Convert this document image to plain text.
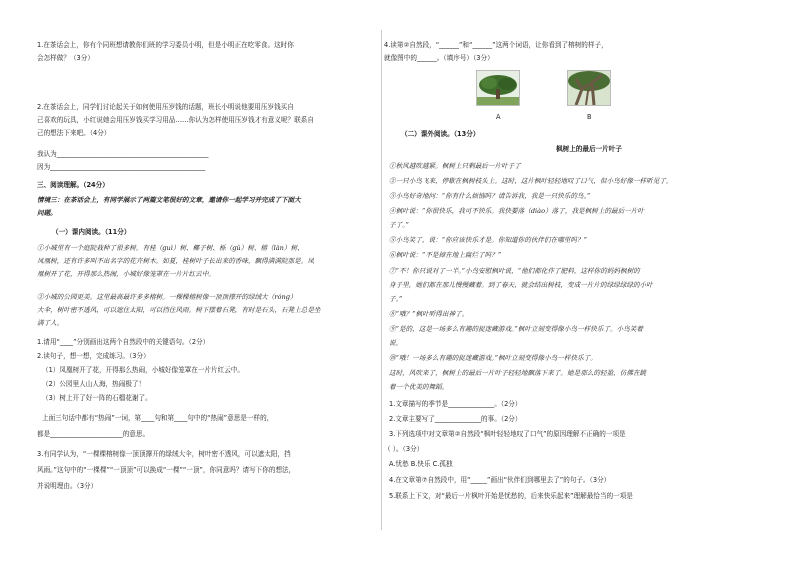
1.在茶话会上，你有个同班想请教你们班的学习委员小明，但是小明正在吃零食。这时你
会怎样做？（3分）
2.在茶话会上，同学们讨论起关于如何使用压岁钱的话题，班长小明说他要用压岁钱买自
己喜欢的玩具，小红说她会用压岁钱买学习用品……你认为怎样使用压岁钱才有意义呢？联系自
己的想法下来吧。（4分）
我认为______________________________________________
因为_______________________________________________
三、阅读理解。（24分）
情境三：在茶话会上，有同学展示了两篇文笔很好的文章，邀请你一起学习并完成了下面大
问题。
（一）课内阅读。（11分）
①小城里有一个庭院栽种了很多树。有桂（ɡuì）树、椰子树、栎（ɡǔ）树、榕（lǎn）树、
凤凰树，还有许多叫不出名字的花卉树木。如夏，桂树叶子长出来的香味，飘得满满院那是。凤
凰树开了花，开得那么热闹，小城好像笼罩在一片片红云中。
②小城的公园更美。这里最高最许多多榕树。一棵棵榕树像一顶顶撑开的绿绒大（rónɡ）
大伞，树叶密不透风，可以遮住太阳，可以挡住风雨。树下摆着石凳，有时是石头，石凳上总是坐
满了人。
1.请用“____”分别画出这两个自然段中的关键语句。（2分）
2.读句子，想一想，完成练习。（3分）
（1）凤凰树开了花，开得那么热闹，小城好像笼罩在一片片红云中。
（2）公园里人山人海，热闹极了！
（3）树上开了好一阵的石榴花谢了。
上面三句话中都有“热闹”一词，第____句和第____句中的“热闹”意思是一样的，
都是______________________的意思。
3.有同学认为，“一棵棵榕树像一顶顶撑开的绿绒大伞，树叶密不透风，可以遮太阳，挡
风雨。”这句中的“一棵棵”“一顶顶”可以换成“一棵”“一顶”，你同意吗？请写下你的想法，
并说明理由。（3分）
4.读第②自然段，“______”和“______”这两个词语，让你看到了榕树的样子，
就像图中的______。（填序号）（3分）
A	B
（二）课外阅读。（13分）
枫树上的最后一片叶子
①秋风越吹越紧。枫树上只剩最后一片叶子了
②一只小鸟飞来，停歇在枫树枝头上。这时，这片枫叶轻轻地叹了口气，似小鸟好像一样听见了。
③小鸟好奇地问：“你有什么烦恼吗？请告诉我，我是一只快乐的鸟。”
④枫叶说：“你很快乐，我可不快乐。我快要落（diào）落了，我是枫树上的最后一片叶
子了。”
⑤小鸟笑了，说：“你应该快乐才是。你知道你的伙伴们在哪里吗？”
⑥枫叶说：“不是掉在地上腐烂了吗？”
⑦“不！你只说对了一半。”小鸟安慰枫叶说，“他们都化作了肥料，这样你的妈妈枫树的
身子里，她们都在那儿慢慢藏着。到了春天，就会结出树枝，变成一片片的绿绿绿绿的小叶
子。”
⑧“哦？”枫叶听得出神了。
⑨“是的，这是一场多么有趣的捉迷藏游戏。”枫叶立刻变得像小鸟一样快乐了。小鸟笑着
说。
⑩“哦！一场多么有趣的捉迷藏游戏。”枫叶立刻变得像小鸟一样快乐了。
这时，风吹来了，枫树上的最后一片叶子轻轻地飘落下来了。她是那么的轻盈，仿佛在跳
着一个优美的舞蹈。
1.文章描写的季节是______________。（2分）
2.文章主要写了______________的事。（2分）
3.下列选项中对文章第②自然段“枫叶轻轻地叹了口气”的原因理解不正确的一项是
（ ）。（3分）
A.忧愁 B.快乐 C.孤独
4.在文章第⑦自然段中，用“_____”画出“伙伴们到哪里去了”的句子。（3分）
5.联系上下文，对“最后一片枫叶开始是忧愁的，后来快乐起来”理解最恰当的一项是
